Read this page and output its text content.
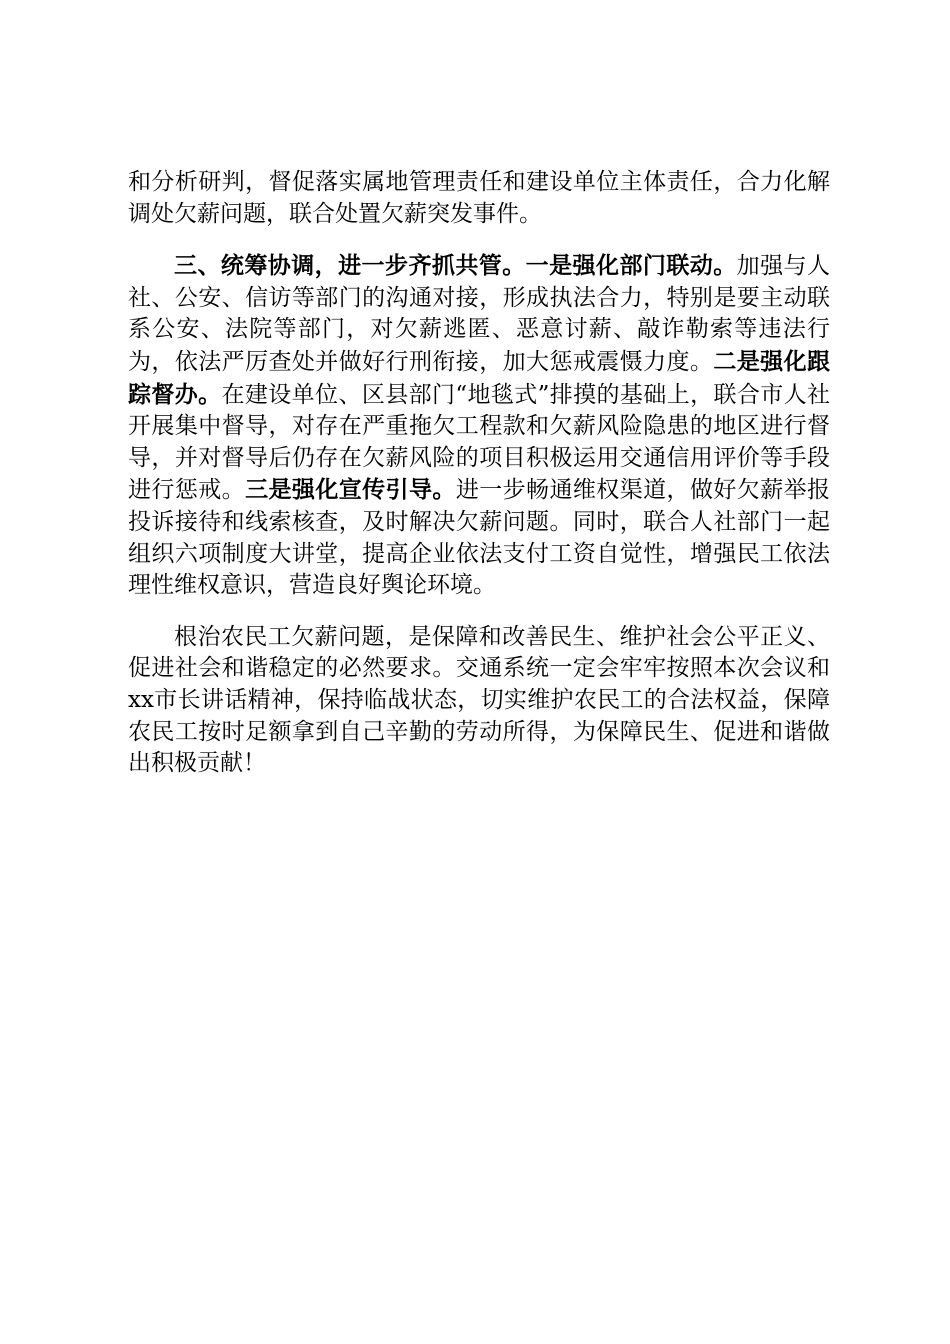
和分析研判，督促落实属地管理责任和建设单位主体责任，合力化解调处欠薪问题，联合处置欠薪突发事件。

三、统筹协调，进一步齐抓共管。一是强化部门联动。加强与人社、公安、信访等部门的沟通对接，形成执法合力，特别是要主动联系公安、法院等部门，对欠薪逃匿、恶意讨薪、敲诈勒索等违法行为，依法严厉查处并做好行刑衔接，加大惩戒震慑力度。二是强化跟踪督办。在建设单位、区县部门“地毯式”排摸的基础上，联合市人社开展集中督导，对存在严重拖欠工程款和欠薪风险隐患的地区进行督导，并对督导后仍存在欠薪风险的项目积极运用交通信用评价等手段进行惩戒。三是强化宣传引导。进一步畅通维权渠道，做好欠薪举报投诉接待和线索核查，及时解决欠薪问题。同时，联合人社部门一起组织六项制度大讲堂，提高企业依法支付工资自觉性，增强民工依法理性维权意识，营造良好舆论环境。

根治农民工欠薪问题，是保障和改善民生、维护社会公平正义、促进社会和谐稳定的必然要求。交通系统一定会牢牢按照本次会议和xx市长讲话精神，保持临战状态，切实维护农民工的合法权益，保障农民工按时足额拿到自己辛勤的劳动所得，为保障民生、促进和谐做出积极贡献！
